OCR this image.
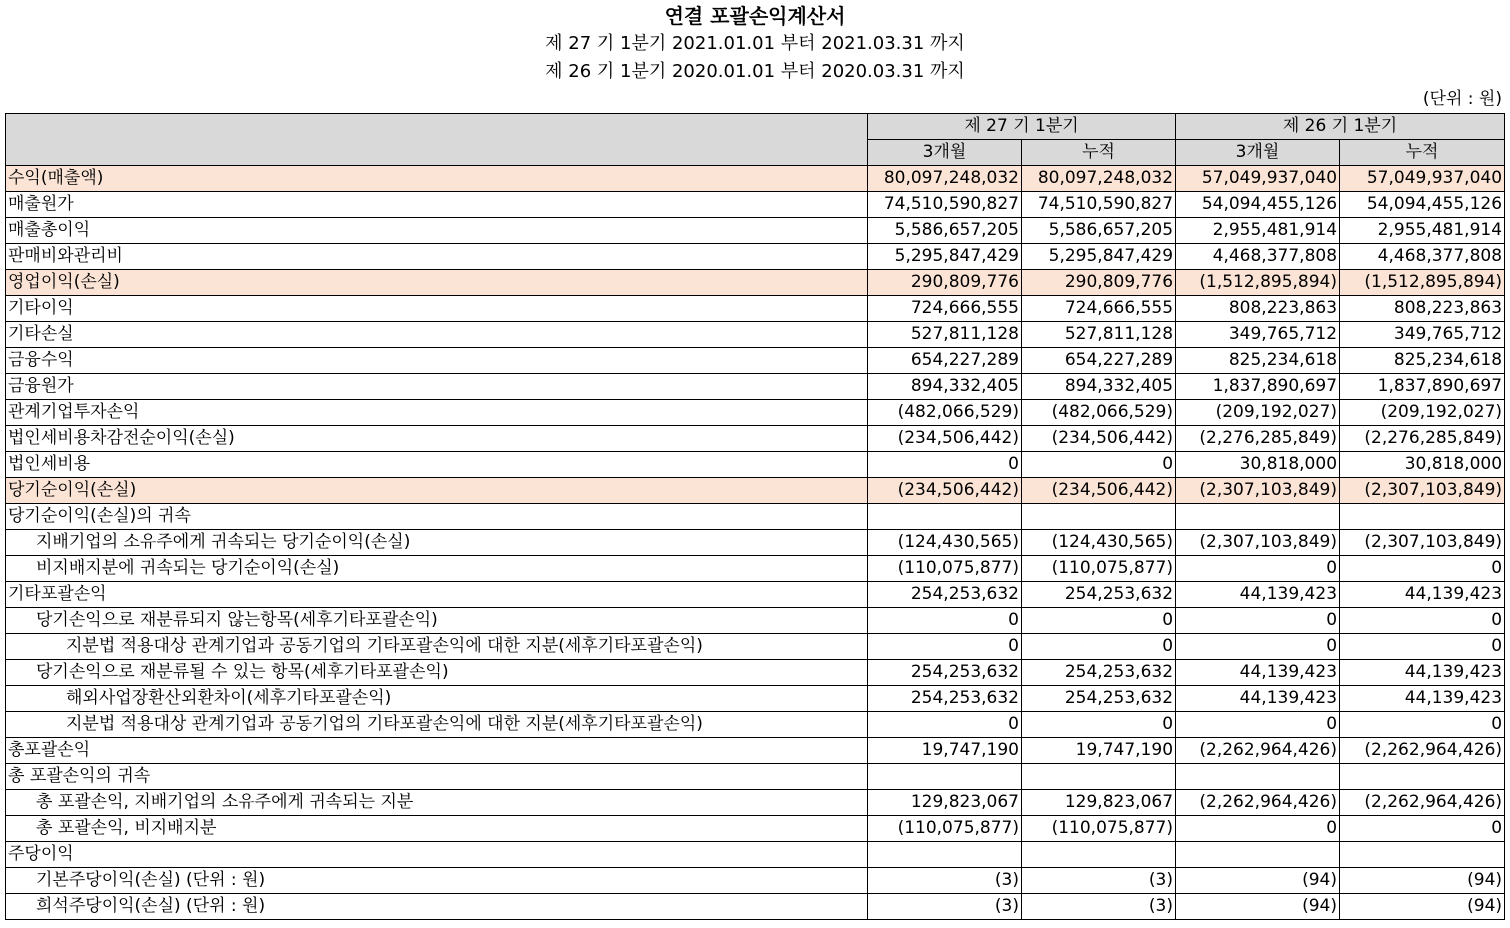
연결 포괄손익계산서
제 27 기 1분기 2021.01.01 부터 2021.03.31 까지
제 26 기 1분기 2020.01.01 부터 2020.03.31 까지
(단위 : 원)
	제 27 기 1분기		제 26 기 1분기	
	3개월	누적	3개월	누적
수익(매출액)	80,097,248,032	80,097,248,032	57,049,937,040	57,049,937,040
매출원가	74,510,590,827	74,510,590,827	54,094,455,126	54,094,455,126
매출총이익	5,586,657,205	5,586,657,205	2,955,481,914	2,955,481,914
판매비와관리비	5,295,847,429	5,295,847,429	4,468,377,808	4,468,377,808
영업이익(손실)	290,809,776	290,809,776	(1,512,895,894)	(1,512,895,894)
기타이익	724,666,555	724,666,555	808,223,863	808,223,863
기타손실	527,811,128	527,811,128	349,765,712	349,765,712
금융수익	654,227,289	654,227,289	825,234,618	825,234,618
금융원가	894,332,405	894,332,405	1,837,890,697	1,837,890,697
관계기업투자손익	(482,066,529)	(482,066,529)	(209,192,027)	(209,192,027)
법인세비용차감전순이익(손실)	(234,506,442)	(234,506,442)	(2,276,285,849)	(2,276,285,849)
법인세비용	0	0	30,818,000	30,818,000
당기순이익(손실)	(234,506,442)	(234,506,442)	(2,307,103,849)	(2,307,103,849)
당기순이익(손실)의 귀속				
지배기업의 소유주에게 귀속되는 당기순이익(손실)	(124,430,565)	(124,430,565)	(2,307,103,849)	(2,307,103,849)
비지배지분에 귀속되는 당기순이익(손실)	(110,075,877)	(110,075,877)	0	0
기타포괄손익	254,253,632	254,253,632	44,139,423	44,139,423
당기손익으로 재분류되지 않는항목(세후기타포괄손익)	0	0	0	0
지분법 적용대상 관계기업과 공동기업의 기타포괄손익에 대한 지분(세후기타포괄손익)	0	0	0	0
당기손익으로 재분류될 수 있는 항목(세후기타포괄손익)	254,253,632	254,253,632	44,139,423	44,139,423
해외사업장환산외환차이(세후기타포괄손익)	254,253,632	254,253,632	44,139,423	44,139,423
지분법 적용대상 관계기업과 공동기업의 기타포괄손익에 대한 지분(세후기타포괄손익)	0	0	0	0
총포괄손익	19,747,190	19,747,190	(2,262,964,426)	(2,262,964,426)
총 포괄손익의 귀속				
총 포괄손익, 지배기업의 소유주에게 귀속되는 지분	129,823,067	129,823,067	(2,262,964,426)	(2,262,964,426)
총 포괄손익, 비지배지분	(110,075,877)	(110,075,877)	0	0
주당이익				
기본주당이익(손실) (단위 : 원)	(3)	(3)	(94)	(94)
희석주당이익(손실) (단위 : 원)	(3)	(3)	(94)	(94)
